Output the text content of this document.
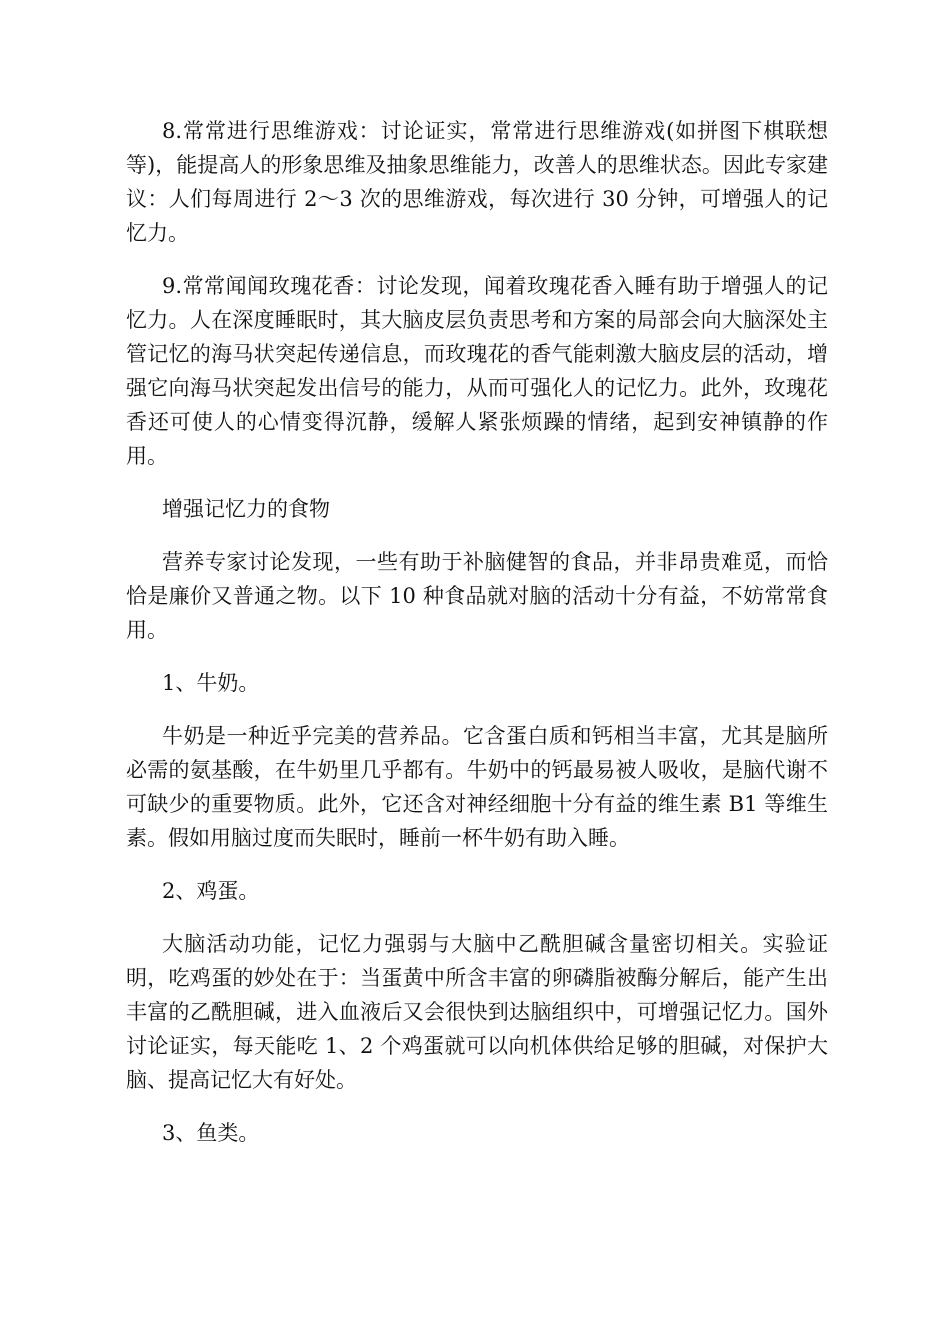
8.常常进行思维游戏：讨论证实，常常进行思维游戏(如拼图下棋联想等)，能提高人的形象思维及抽象思维能力，改善人的思维状态。因此专家建议：人们每周进行 2～3 次的思维游戏，每次进行 30 分钟，可增强人的记忆力。

9.常常闻闻玫瑰花香：讨论发现，闻着玫瑰花香入睡有助于增强人的记忆力。人在深度睡眠时，其大脑皮层负责思考和方案的局部会向大脑深处主管记忆的海马状突起传递信息，而玫瑰花的香气能刺激大脑皮层的活动，增强它向海马状突起发出信号的能力，从而可强化人的记忆力。此外，玫瑰花香还可使人的心情变得沉静，缓解人紧张烦躁的情绪，起到安神镇静的作用。

增强记忆力的食物

营养专家讨论发现，一些有助于补脑健智的食品，并非昂贵难觅，而恰恰是廉价又普通之物。以下 10 种食品就对脑的活动十分有益，不妨常常食用。

1、牛奶。

牛奶是一种近乎完美的营养品。它含蛋白质和钙相当丰富，尤其是脑所必需的氨基酸，在牛奶里几乎都有。牛奶中的钙最易被人吸收，是脑代谢不可缺少的重要物质。此外，它还含对神经细胞十分有益的维生素 B1 等维生素。假如用脑过度而失眠时，睡前一杯牛奶有助入睡。

2、鸡蛋。

大脑活动功能，记忆力强弱与大脑中乙酰胆碱含量密切相关。实验证明，吃鸡蛋的妙处在于：当蛋黄中所含丰富的卵磷脂被酶分解后，能产生出丰富的乙酰胆碱，进入血液后又会很快到达脑组织中，可增强记忆力。国外讨论证实，每天能吃 1、2 个鸡蛋就可以向机体供给足够的胆碱，对保护大脑、提高记忆大有好处。

3、鱼类。
